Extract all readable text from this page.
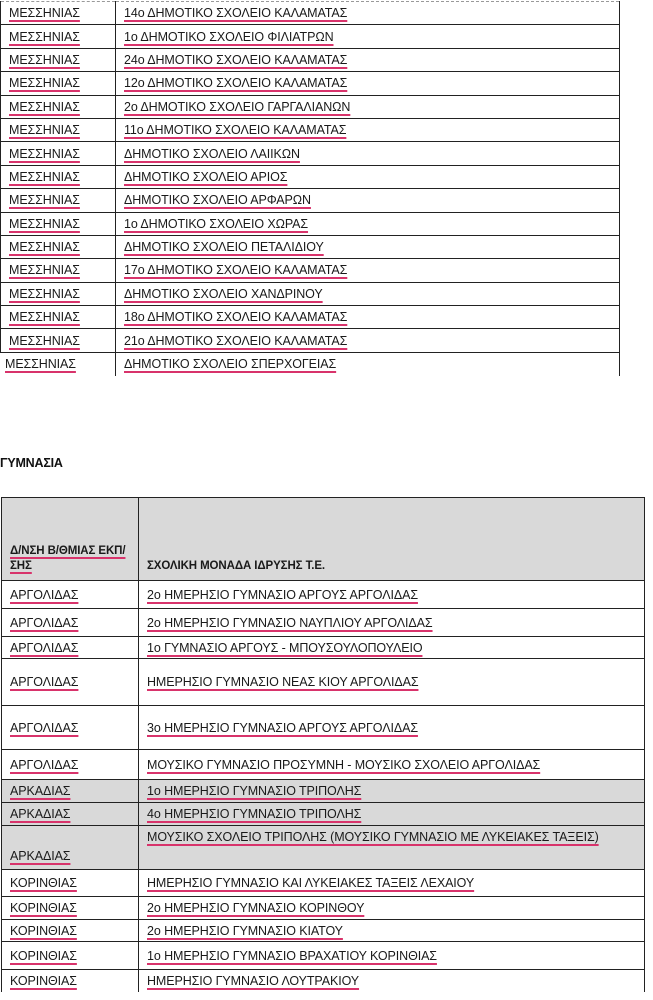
ΜΕΣΣΗΝΙΑΣ	14ο ΔΗΜΟΤΙΚΟ ΣΧΟΛΕΙΟ ΚΑΛΑΜΑΤΑΣ
ΜΕΣΣΗΝΙΑΣ	1ο ΔΗΜΟΤΙΚΟ ΣΧΟΛΕΙΟ ΦΙΛΙΑΤΡΩΝ
ΜΕΣΣΗΝΙΑΣ	24ο ΔΗΜΟΤΙΚΟ ΣΧΟΛΕΙΟ ΚΑΛΑΜΑΤΑΣ
ΜΕΣΣΗΝΙΑΣ	12ο ΔΗΜΟΤΙΚΟ ΣΧΟΛΕΙΟ ΚΑΛΑΜΑΤΑΣ
ΜΕΣΣΗΝΙΑΣ	2ο ΔΗΜΟΤΙΚΟ ΣΧΟΛΕΙΟ ΓΑΡΓΑΛΙΑΝΩΝ
ΜΕΣΣΗΝΙΑΣ	11ο ΔΗΜΟΤΙΚΟ ΣΧΟΛΕΙΟ ΚΑΛΑΜΑΤΑΣ
ΜΕΣΣΗΝΙΑΣ	ΔΗΜΟΤΙΚΟ ΣΧΟΛΕΙΟ ΛΑΙΙΚΩΝ
ΜΕΣΣΗΝΙΑΣ	ΔΗΜΟΤΙΚΟ ΣΧΟΛΕΙΟ ΑΡΙΟΣ
ΜΕΣΣΗΝΙΑΣ	ΔΗΜΟΤΙΚΟ ΣΧΟΛΕΙΟ ΑΡΦΑΡΩΝ
ΜΕΣΣΗΝΙΑΣ	1ο ΔΗΜΟΤΙΚΟ ΣΧΟΛΕΙΟ ΧΩΡΑΣ
ΜΕΣΣΗΝΙΑΣ	ΔΗΜΟΤΙΚΟ ΣΧΟΛΕΙΟ ΠΕΤΑΛΙΔΙΟΥ
ΜΕΣΣΗΝΙΑΣ	17ο ΔΗΜΟΤΙΚΟ ΣΧΟΛΕΙΟ ΚΑΛΑΜΑΤΑΣ
ΜΕΣΣΗΝΙΑΣ	ΔΗΜΟΤΙΚΟ ΣΧΟΛΕΙΟ ΧΑΝΔΡΙΝΟΥ
ΜΕΣΣΗΝΙΑΣ	18ο ΔΗΜΟΤΙΚΟ ΣΧΟΛΕΙΟ ΚΑΛΑΜΑΤΑΣ
ΜΕΣΣΗΝΙΑΣ	21ο ΔΗΜΟΤΙΚΟ ΣΧΟΛΕΙΟ ΚΑΛΑΜΑΤΑΣ
ΜΕΣΣΗΝΙΑΣ	ΔΗΜΟΤΙΚΟ ΣΧΟΛΕΙΟ ΣΠΕΡΧΟΓΕΙΑΣ
ΓΥΜΝΑΣΙΑ
Δ/ΝΣΗ Β/ΘΜΙΑΣ ΕΚΠ/ΣΗΣ	ΣΧΟΛΙΚΗ ΜΟΝΑΔΑ ΙΔΡΥΣΗΣ Τ.Ε.
ΑΡΓΟΛΙΔΑΣ	2ο ΗΜΕΡΗΣΙΟ ΓΥΜΝΑΣΙΟ ΑΡΓΟΥΣ ΑΡΓΟΛΙΔΑΣ
ΑΡΓΟΛΙΔΑΣ	2ο ΗΜΕΡΗΣΙΟ ΓΥΜΝΑΣΙΟ ΝΑΥΠΛΙΟΥ ΑΡΓΟΛΙΔΑΣ
ΑΡΓΟΛΙΔΑΣ	1ο ΓΥΜΝΑΣΙΟ ΑΡΓΟΥΣ - ΜΠΟΥΣΟΥΛΟΠΟΥΛΕΙΟ
ΑΡΓΟΛΙΔΑΣ	ΗΜΕΡΗΣΙΟ ΓΥΜΝΑΣΙΟ ΝΕΑΣ ΚΙΟΥ ΑΡΓΟΛΙΔΑΣ
ΑΡΓΟΛΙΔΑΣ	3ο ΗΜΕΡΗΣΙΟ ΓΥΜΝΑΣΙΟ ΑΡΓΟΥΣ ΑΡΓΟΛΙΔΑΣ
ΑΡΓΟΛΙΔΑΣ	ΜΟΥΣΙΚΟ ΓΥΜΝΑΣΙΟ ΠΡΟΣΥΜΝΗ - ΜΟΥΣΙΚΟ ΣΧΟΛΕΙΟ ΑΡΓΟΛΙΔΑΣ
ΑΡΚΑΔΙΑΣ	1ο ΗΜΕΡΗΣΙΟ ΓΥΜΝΑΣΙΟ ΤΡΙΠΟΛΗΣ
ΑΡΚΑΔΙΑΣ	4ο ΗΜΕΡΗΣΙΟ ΓΥΜΝΑΣΙΟ ΤΡΙΠΟΛΗΣ
ΑΡΚΑΔΙΑΣ	ΜΟΥΣΙΚΟ ΣΧΟΛΕΙΟ ΤΡΙΠΟΛΗΣ (ΜΟΥΣΙΚΟ ΓΥΜΝΑΣΙΟ ΜΕ ΛΥΚΕΙΑΚΕΣ ΤΑΞΕΙΣ)
ΚΟΡΙΝΘΙΑΣ	ΗΜΕΡΗΣΙΟ ΓΥΜΝΑΣΙΟ ΚΑΙ ΛΥΚΕΙΑΚΕΣ ΤΑΞΕΙΣ ΛΕΧΑΙΟΥ
ΚΟΡΙΝΘΙΑΣ	2ο ΗΜΕΡΗΣΙΟ ΓΥΜΝΑΣΙΟ ΚΟΡΙΝΘΟΥ
ΚΟΡΙΝΘΙΑΣ	2ο ΗΜΕΡΗΣΙΟ ΓΥΜΝΑΣΙΟ ΚΙΑΤΟΥ
ΚΟΡΙΝΘΙΑΣ	1ο ΗΜΕΡΗΣΙΟ ΓΥΜΝΑΣΙΟ ΒΡΑΧΑΤΙΟΥ ΚΟΡΙΝΘΙΑΣ
ΚΟΡΙΝΘΙΑΣ	ΗΜΕΡΗΣΙΟ ΓΥΜΝΑΣΙΟ ΛΟΥΤΡΑΚΙΟΥ
